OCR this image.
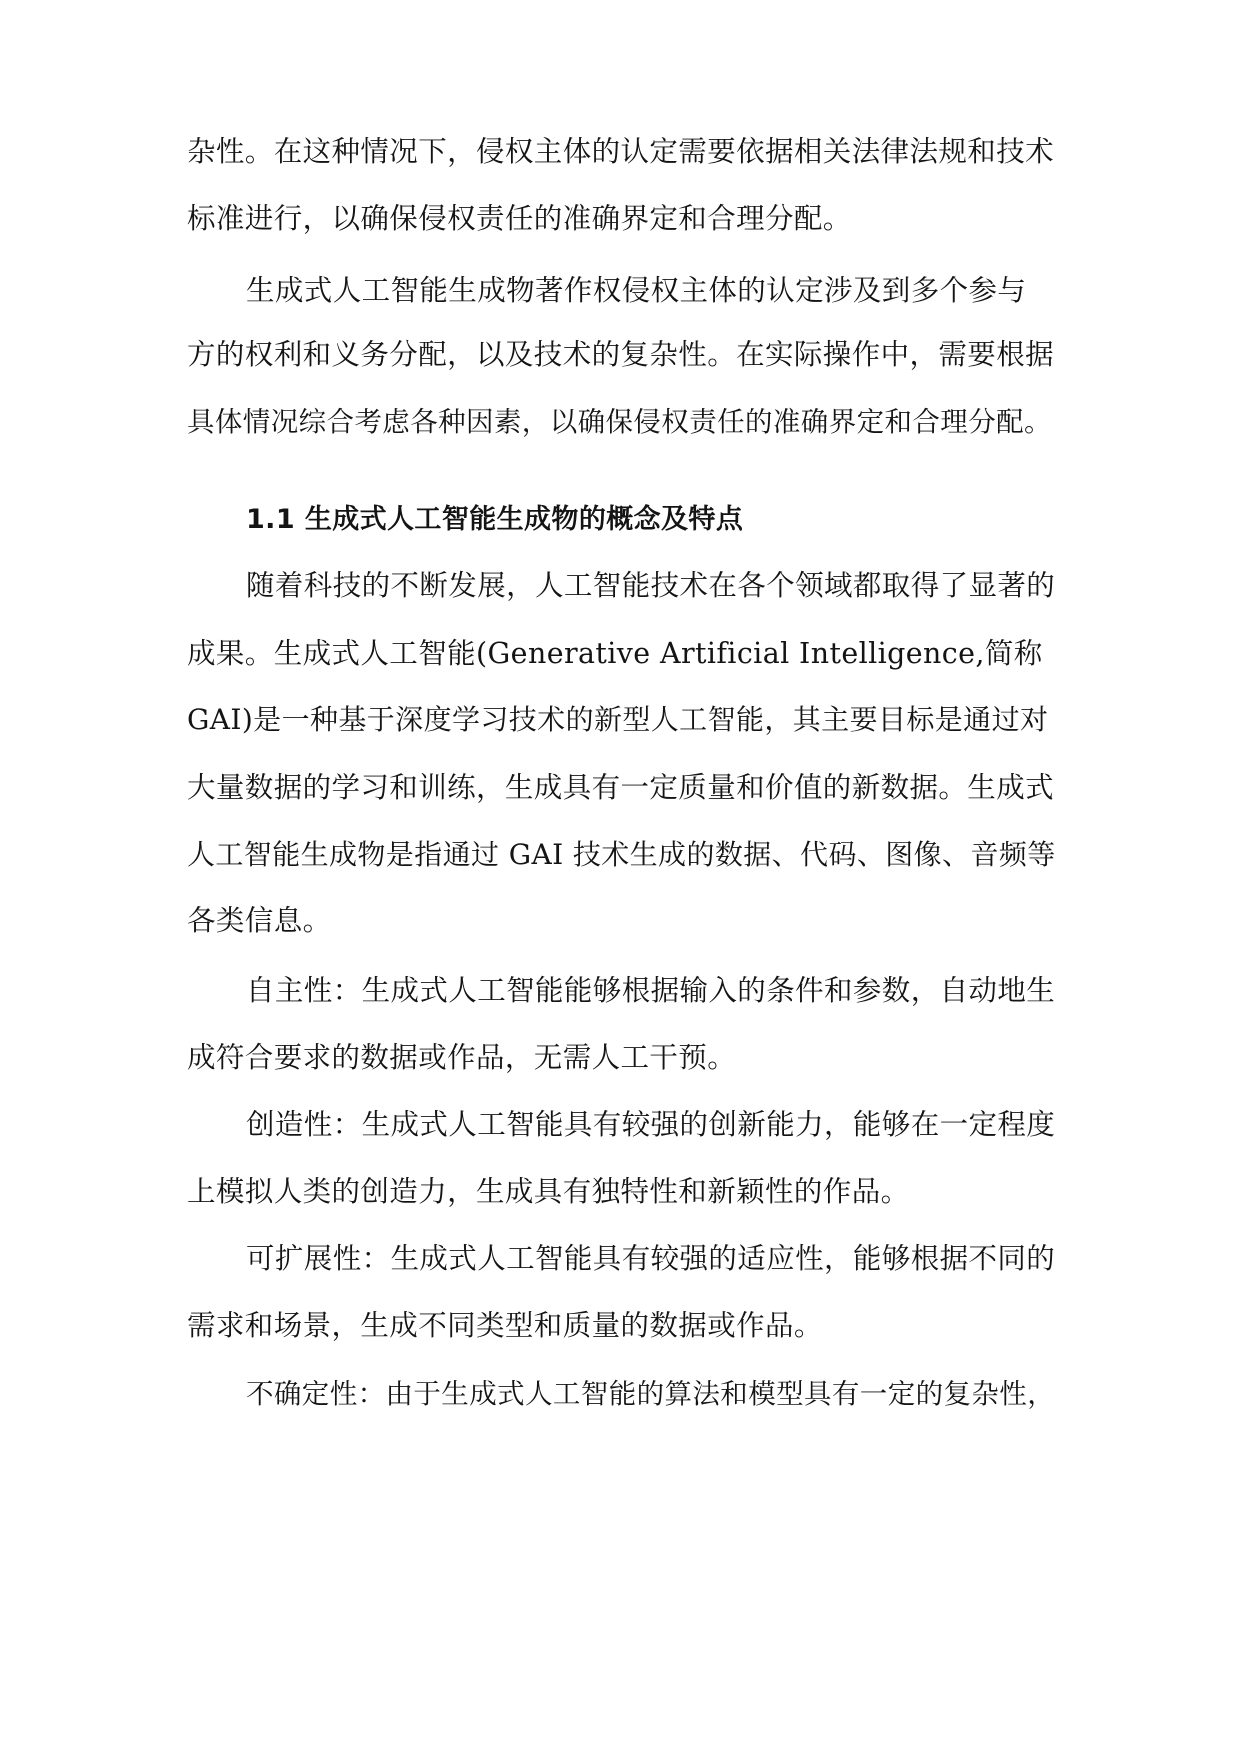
杂性。在这种情况下，侵权主体的认定需要依据相关法律法规和技术
标准进行，以确保侵权责任的准确界定和合理分配。
生成式人工智能生成物著作权侵权主体的认定涉及到多个参与
方的权利和义务分配，以及技术的复杂性。在实际操作中，需要根据
具体情况综合考虑各种因素，以确保侵权责任的准确界定和合理分配。
1.1 生成式人工智能生成物的概念及特点
随着科技的不断发展，人工智能技术在各个领域都取得了显著的
成果。生成式人工智能(Generative Artificial Intelligence,简称
GAI)是一种基于深度学习技术的新型人工智能，其主要目标是通过对
大量数据的学习和训练，生成具有一定质量和价值的新数据。生成式
人工智能生成物是指通过 GAI 技术生成的数据、代码、图像、音频等
各类信息。
自主性：生成式人工智能能够根据输入的条件和参数，自动地生
成符合要求的数据或作品，无需人工干预。
创造性：生成式人工智能具有较强的创新能力，能够在一定程度
上模拟人类的创造力，生成具有独特性和新颖性的作品。
可扩展性：生成式人工智能具有较强的适应性，能够根据不同的
需求和场景，生成不同类型和质量的数据或作品。
不确定性：由于生成式人工智能的算法和模型具有一定的复杂性，
